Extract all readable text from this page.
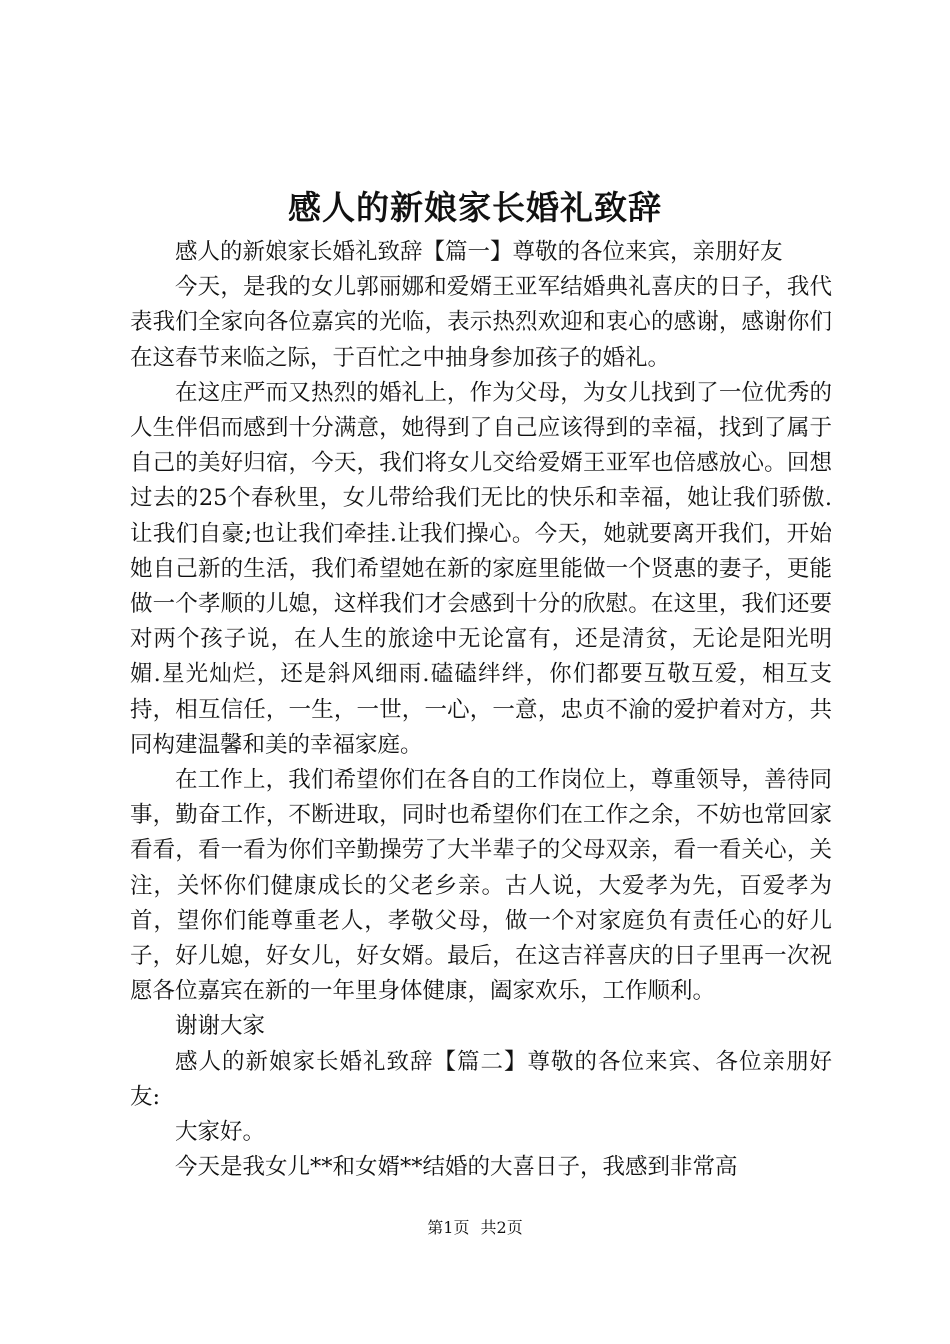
感人的新娘家长婚礼致辞

感人的新娘家长婚礼致辞【篇一】尊敬的各位来宾，亲朋好友

今天，是我的女儿郭丽娜和爱婿王亚军结婚典礼喜庆的日子，我代表我们全家向各位嘉宾的光临，表示热烈欢迎和衷心的感谢，感谢你们在这春节来临之际，于百忙之中抽身参加孩子的婚礼。

在这庄严而又热烈的婚礼上，作为父母，为女儿找到了一位优秀的人生伴侣而感到十分满意，她得到了自己应该得到的幸福，找到了属于自己的美好归宿，今天，我们将女儿交给爱婿王亚军也倍感放心。回想过去的25个春秋里，女儿带给我们无比的快乐和幸福，她让我们骄傲.让我们自豪;也让我们牵挂.让我们操心。今天，她就要离开我们，开始她自己新的生活，我们希望她在新的家庭里能做一个贤惠的妻子，更能做一个孝顺的儿媳，这样我们才会感到十分的欣慰。在这里，我们还要对两个孩子说，在人生的旅途中无论富有，还是清贫，无论是阳光明媚.星光灿烂，还是斜风细雨.磕磕绊绊，你们都要互敬互爱，相互支持，相互信任，一生，一世，一心，一意，忠贞不渝的爱护着对方，共同构建温馨和美的幸福家庭。

在工作上，我们希望你们在各自的工作岗位上，尊重领导，善待同事，勤奋工作，不断进取，同时也希望你们在工作之余，不妨也常回家看看，看一看为你们辛勤操劳了大半辈子的父母双亲，看一看关心，关注，关怀你们健康成长的父老乡亲。古人说，大爱孝为先，百爱孝为首，望你们能尊重老人，孝敬父母，做一个对家庭负有责任心的好儿子，好儿媳，好女儿，好女婿。最后，在这吉祥喜庆的日子里再一次祝愿各位嘉宾在新的一年里身体健康，阖家欢乐，工作顺利。

谢谢大家

感人的新娘家长婚礼致辞【篇二】尊敬的各位来宾、各位亲朋好友:

大家好。

今天是我女儿**和女婿**结婚的大喜日子，我感到非常高

第1页 共2页
